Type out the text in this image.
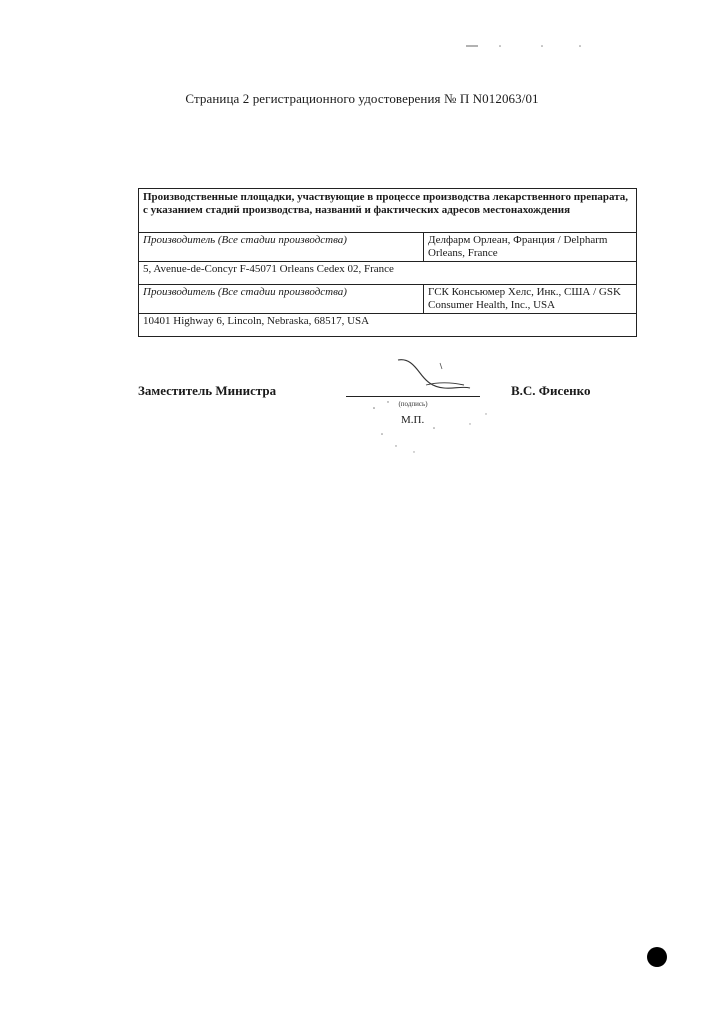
Страница 2 регистрационного удостоверения № П N012063/01
Производственные площадки, участвующие в процессе производства лекарственного препарата, с указанием стадий производства, названий и фактических адресов местонахождения	
Производитель (Все стадии производства)	Делфарм Орлеан, Франция / Delpharm Orleans, France
5, Avenue-de-Concyr F-45071 Orleans Cedex 02, France	
Производитель (Все стадии производства)	ГСК Консьюмер Хелс, Инк., США / GSK Consumer Health, Inc., USA
10401 Highway 6, Lincoln, Nebraska, 68517, USA	
Заместитель Министра
(подпись)
М.П.
В.С. Фисенко
